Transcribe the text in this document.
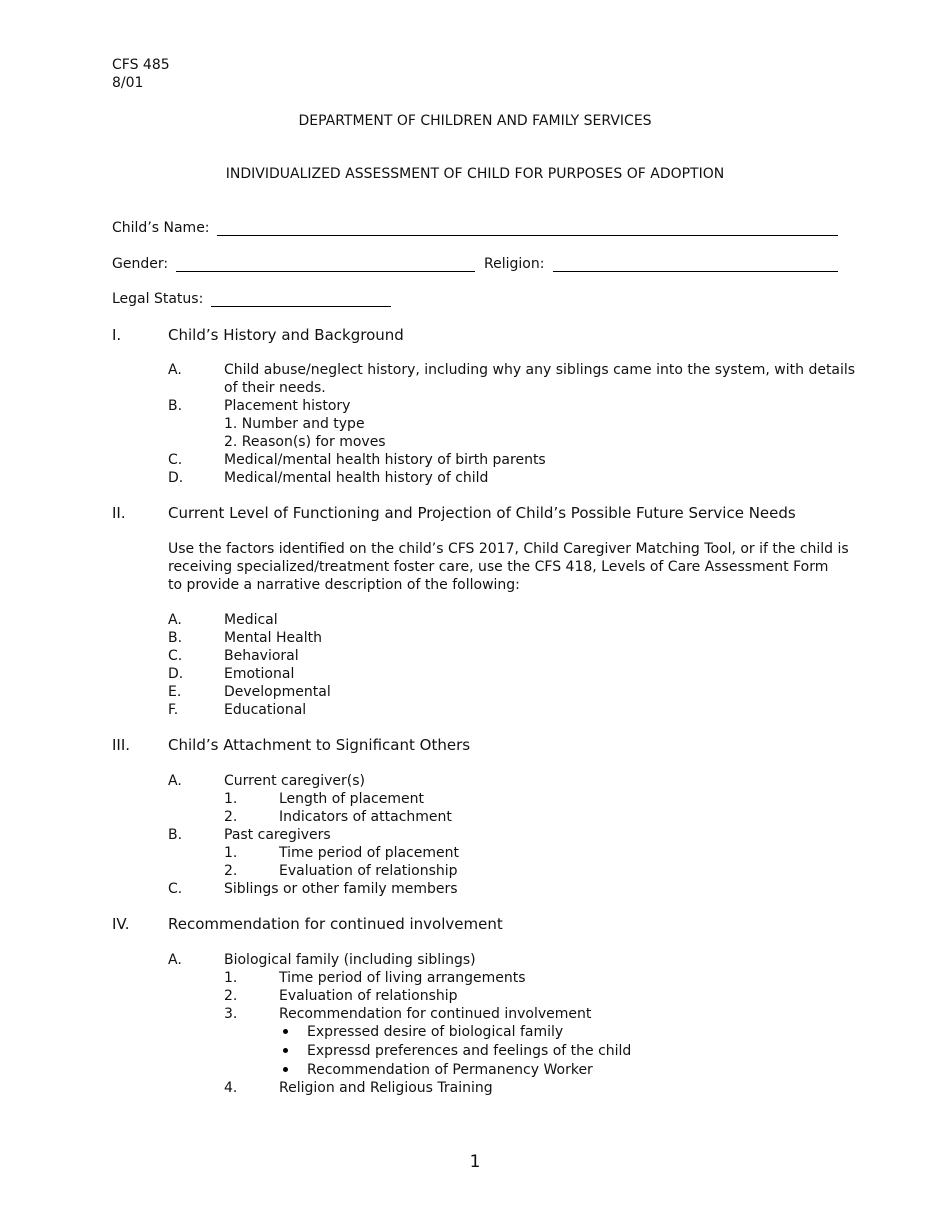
CFS 485
8/01
DEPARTMENT OF CHILDREN AND FAMILY SERVICES
INDIVIDUALIZED ASSESSMENT OF CHILD FOR PURPOSES OF ADOPTION
Child’s Name:
Gender:	Religion:
Legal Status:
I.	Child’s History and Background
A.	Child abuse/neglect history, including why any siblings came into the system, with details
of their needs.
B.	Placement history
1. Number and type
2. Reason(s) for moves
C.	Medical/mental health history of birth parents
D.	Medical/mental health history of child
II.	Current Level of Functioning and Projection of Child’s Possible Future Service Needs
Use the factors identified on the child’s CFS 2017, Child Caregiver Matching Tool, or if the child is
receiving specialized/treatment foster care, use the CFS 418, Levels of Care Assessment Form
to provide a narrative description of the following:
A.	Medical
B.	Mental Health
C.	Behavioral
D.	Emotional
E.	Developmental
F.	Educational
III.	Child’s Attachment to Significant Others
A.	Current caregiver(s)
1.	Length of placement
2.	Indicators of attachment
B.	Past caregivers
1.	Time period of placement
2.	Evaluation of relationship
C.	Siblings or other family members
IV.	Recommendation for continued involvement
A.	Biological family (including siblings)
1.	Time period of living arrangements
2.	Evaluation of relationship
3.	Recommendation for continued involvement
Expressed desire of biological family
Expressd preferences and feelings of the child
Recommendation of Permanency Worker
4.	Religion and Religious Training
1
